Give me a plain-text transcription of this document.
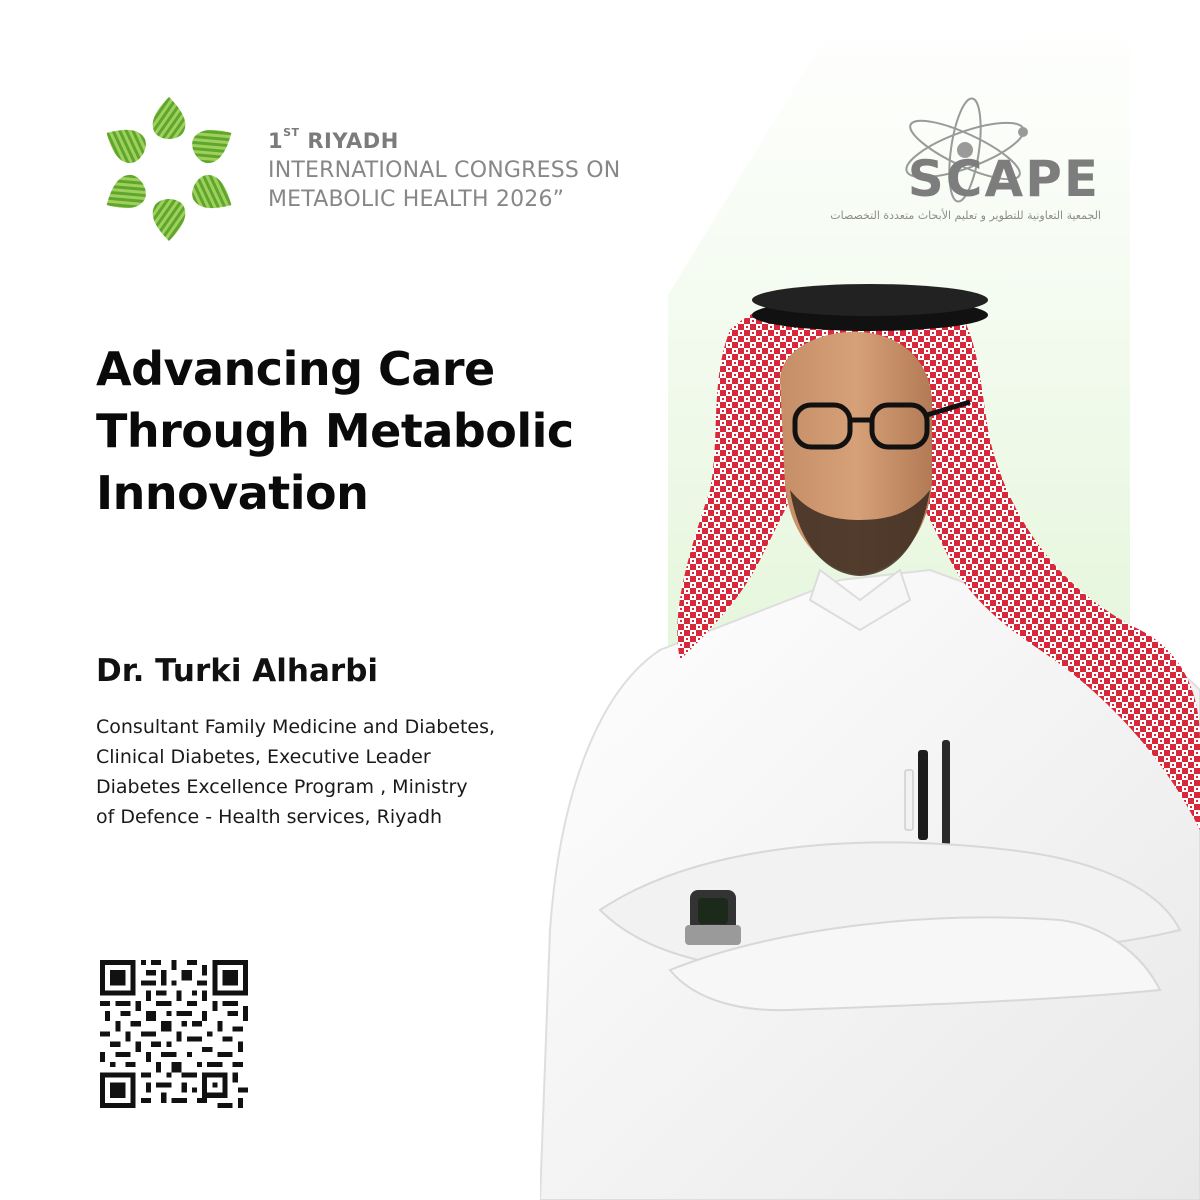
1ST RIYADH
INTERNATIONAL CONGRESS ON
METABOLIC HEALTH 2026”	SCAPE
الجمعية التعاونية للتطوير و تعليم الأبحاث متعددة التخصصات
Advancing Care
Through Metabolic
Innovation
Dr. Turki Alharbi
Consultant Family Medicine and Diabetes,
Clinical Diabetes, Executive Leader
Diabetes Excellence Program , Ministry
of Defence - Health services, Riyadh
